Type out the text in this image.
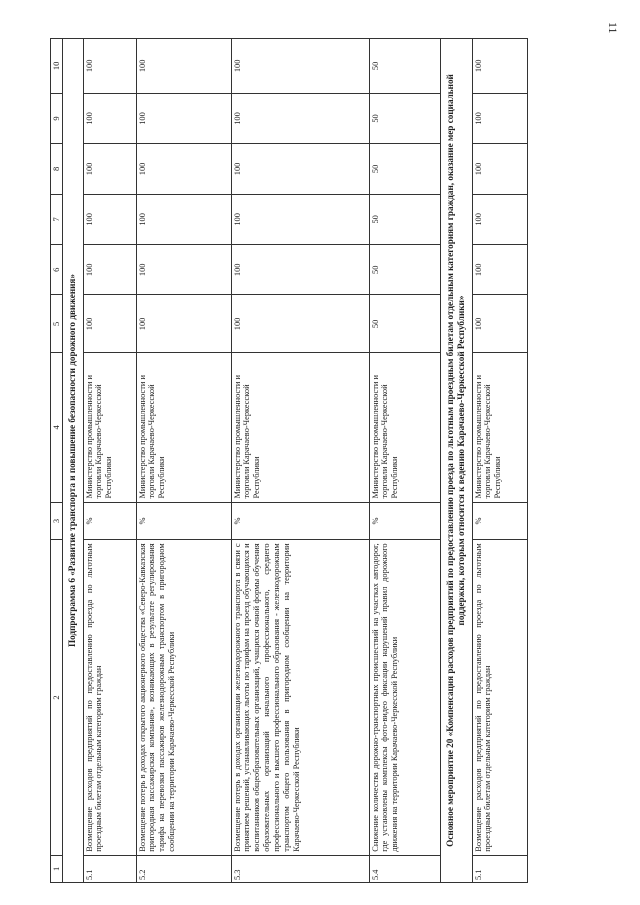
11
1	2	3	4	5	6	7	8	9	10
Подпрограмма 6 «Развитие транспорта и повышение безопасности дорожного движения»									
5.1	Возмещение расходов предприятий по предоставлению проезда по льготным проездным билетам отдельным категориям граждан	%	Министерство промышленности и торговли Карачаево-Черкесской Республики	100	100	100	100	100	100
5.2	Возмещение потерь в доходах открытого акционерного общества «Северо-Кавказская пригородная пассажирская компания», возникающих в результате регулирования тарифа на перевозки пассажиров железнодорожным транспортом в пригородном сообщении на территории Карачаево-Черкесской Республики	%	Министерство промышленности и торговли Карачаево-Черкесской Республики	100	100	100	100	100	100
5.3	Возмещение потерь в доходах организации железнодорожного транспорта в связи с принятием решений, устанавливающих льготы по тарифам на проезд обучающихся и воспитанников общеобразовательных организаций, учащихся очной формы обучения образовательных организаций начального профессионального, среднего профессионального и высшего профессионального образования - железнодорожным транспортом общего пользования в пригородном сообщении на территории Карачаево-Черкесской Республики	%	Министерство промышленности и торговли Карачаево-Черкесской Республики	100	100	100	100	100	100
5.4	Снижение количества дорожно-транспортных происшествий на участках автодорог, где установлены комплексы фото-видео фиксации нарушений правил дорожного движения на территории Карачаево-Черкесской Республики	%	Министерство промышленности и торговли Карачаево-Черкесской Республики	50	50	50	50	50	50
Основное мероприятие 20 «Компенсация расходов предприятий по предоставлению проезда по льготным проездным билетам отдельным категориям граждан, оказание мер социальной поддержки, которым относится к ведению Карачаево-Черкесской Республики»									
5.1	Возмещение расходов предприятий по предоставлению проезда по льготным проездным билетам отдельным категориям граждан	%	Министерство промышленности и торговли Карачаево-Черкесской Республики	100	100	100	100	100	100
